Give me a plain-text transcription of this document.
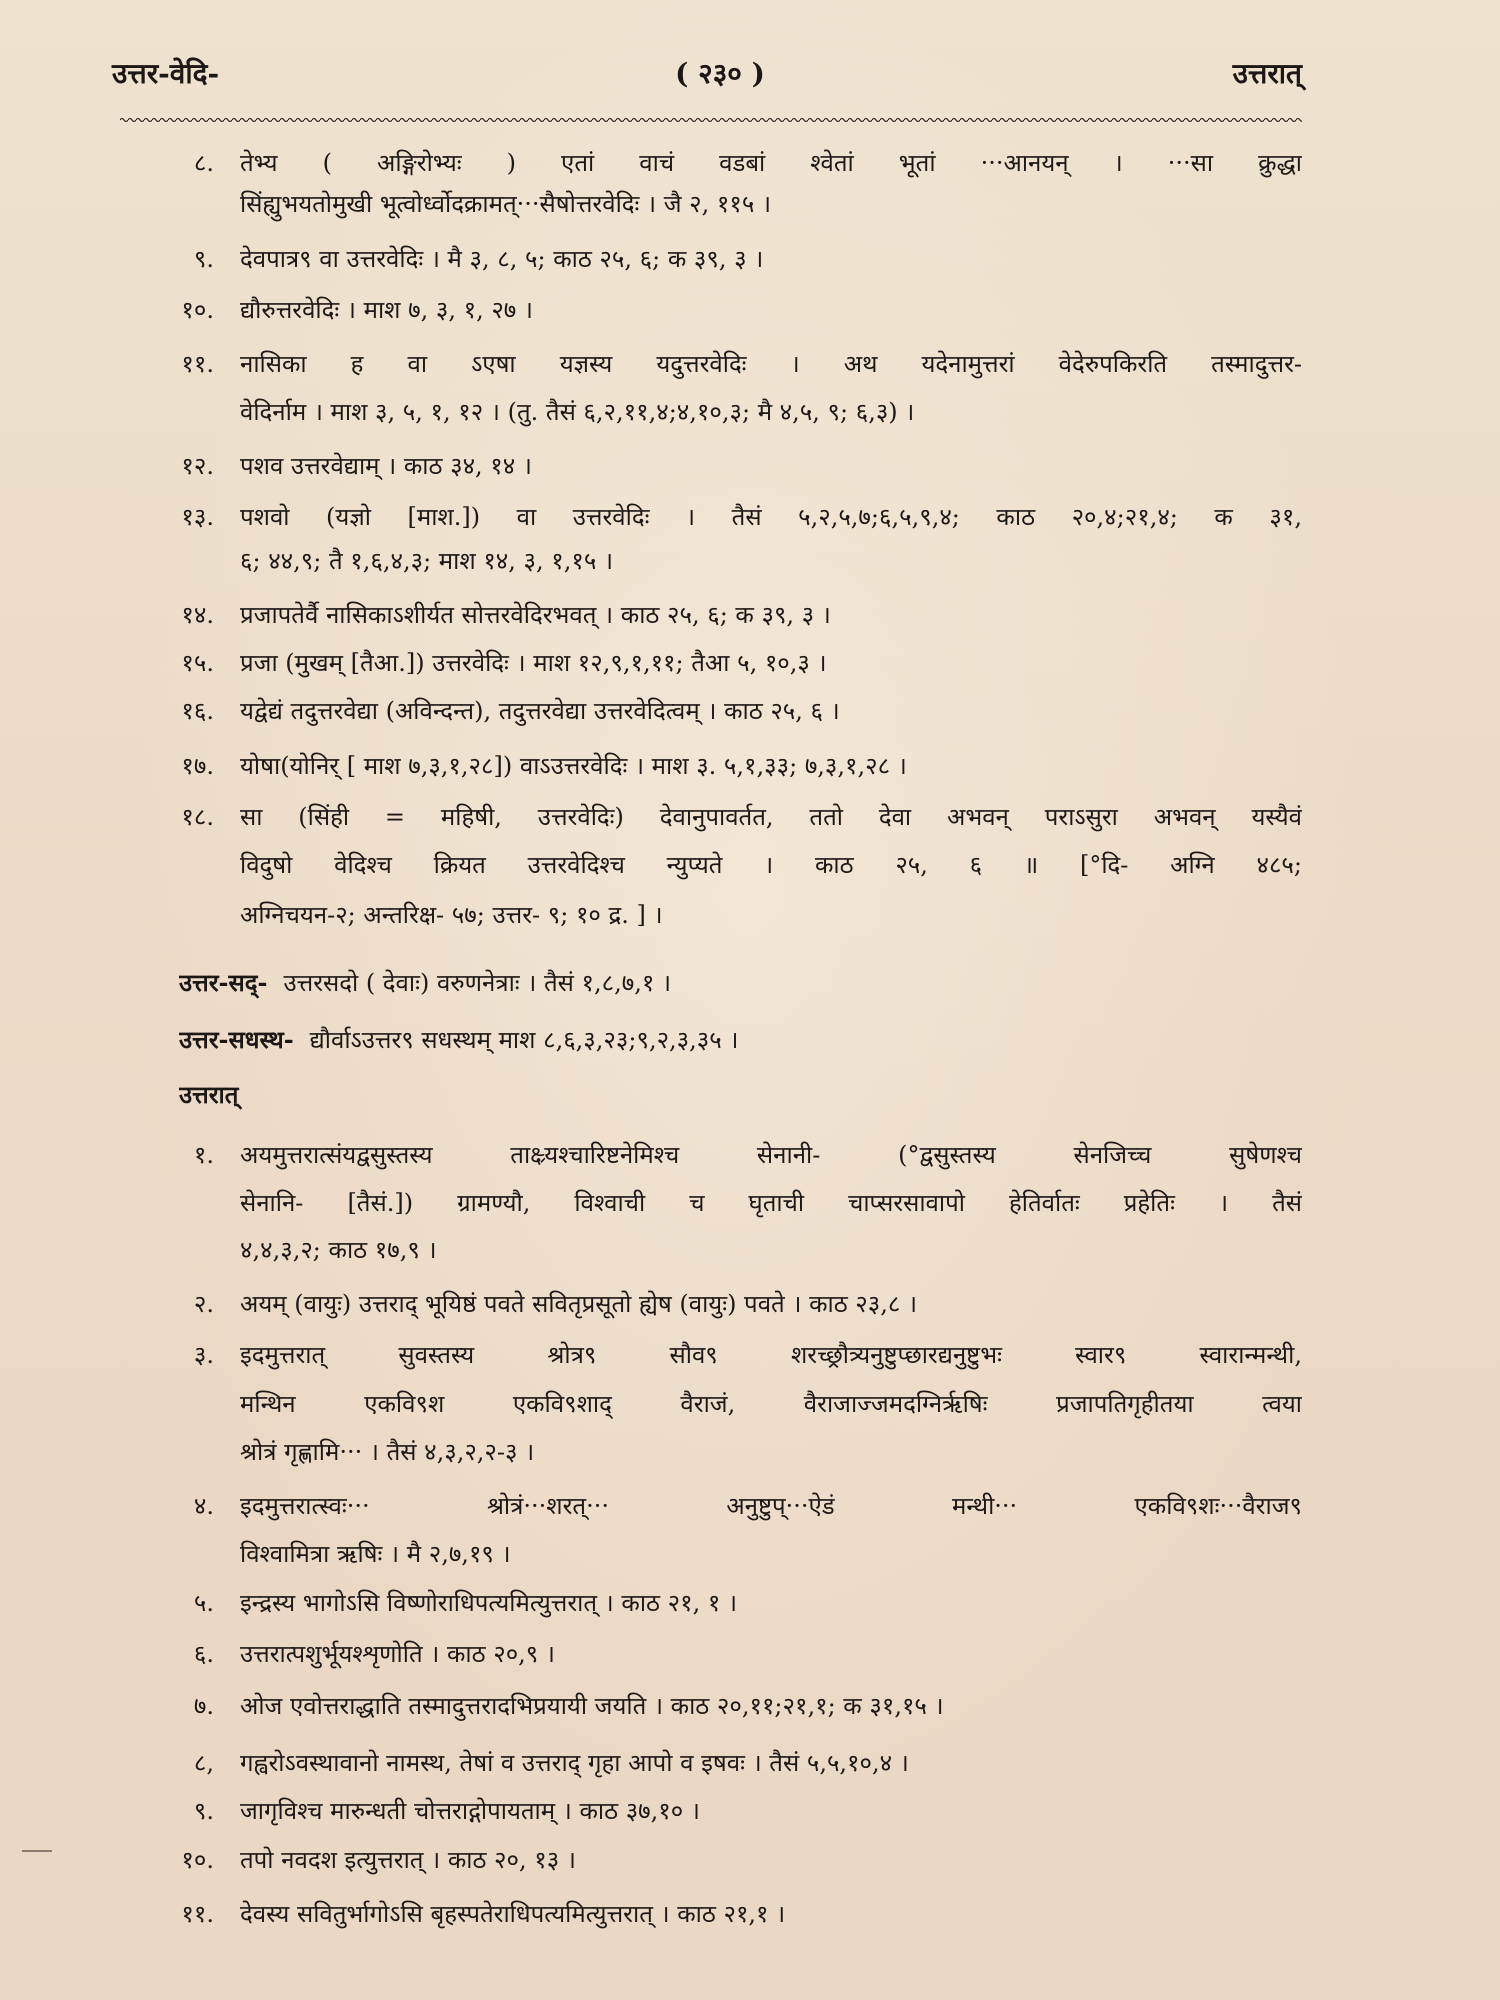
उत्तर-वेदि-	( २३० )	उत्तरात्
८. तेभ्य ( अङ्गिरोभ्यः ) एतां वाचं वडबां श्वेतां भूतां ···आनयन् । ···सा क्रुद्धा
सिंह्युभयतोमुखी भूत्वोर्ध्वोदक्रामत्···सैषोत्तरवेदिः । जै २, ११५ ।
९. देवपात्र९ वा उत्तरवेदिः । मै ३, ८, ५; काठ २५, ६; क ३९, ३ ।
१०. द्यौरुत्तरवेदिः । माश ७, ३, १, २७ ।
११. नासिका ह वा ऽएषा यज्ञस्य यदुत्तरवेदिः । अथ यदेनामुत्तरां वेदेरुपकिरति तस्मादुत्तर-
वेदिर्नाम । माश ३, ५, १, १२ । (तु. तैसं ६,२,११,४;४,१०,३; मै ४,५, ९; ६,३) ।
१२. पशव उत्तरवेद्याम् । काठ ३४, १४ ।
१३. पशवो (यज्ञो [माश.]) वा उत्तरवेदिः । तैसं ५,२,५,७;६,५,९,४; काठ २०,४;२१,४; क ३१,
६; ४४,९; तै १,६,४,३; माश १४, ३, १,१५ ।
१४. प्रजापतेर्वै नासिकाऽशीर्यत सोत्तरवेदिरभवत् । काठ २५, ६; क ३९, ३ ।
१५. प्रजा (मुखम् [तैआ.]) उत्तरवेदिः । माश १२,९,१,११; तैआ ५, १०,३ ।
१६. यद्वेद्यं तदुत्तरवेद्या (अविन्दन्त), तदुत्तरवेद्या उत्तरवेदित्वम् । काठ २५, ६ ।
१७. योषा(योनिर् [ माश ७,३,१,२८]) वाऽउत्तरवेदिः । माश ३. ५,१,३३; ७,३,१,२८ ।
१८. सा (सिंही = महिषी, उत्तरवेदिः) देवानुपावर्तत, ततो देवा अभवन् पराऽसुरा अभवन् यस्यैवं
विदुषो वेदिश्च क्रियत उत्तरवेदिश्च न्युप्यते । काठ २५, ६ ॥ [°दि- अग्नि ४८५;
अग्निचयन-२; अन्तरिक्ष- ५७; उत्तर- ९; १० द्र. ] ।
उत्तर-सद्- उत्तरसदो ( देवाः) वरुणनेत्राः । तैसं १,८,७,१ ।
उत्तर-सधस्थ- द्यौर्वाऽउत्तर९ सधस्थम् माश ८,६,३,२३;९,२,३,३५ ।
उत्तरात्
१. अयमुत्तरात्संयद्वसुस्तस्य ताक्ष्र्यश्चारिष्टनेमिश्च सेनानी- (°द्वसुस्तस्य सेनजिच्च सुषेणश्च
सेनानि- [तैसं.]) ग्रामण्यौ, विश्वाची च घृताची चाप्सरसावापो हेतिर्वातः प्रहेतिः । तैसं
४,४,३,२; काठ १७,९ ।
२. अयम् (वायुः) उत्तराद् भूयिष्ठं पवते सवितृप्रसूतो ह्येष (वायुः) पवते । काठ २३,८ ।
३. इदमुत्तरात् सुवस्तस्य श्रोत्र९ सौव९ शरच्छ्रौत्र्यनुष्टुप्छारद्यनुष्टुभः स्वार९ स्वारान्मन्थी,
मन्थिन एकवि९श एकवि९शाद् वैराजं, वैराजाज्जमदग्निर्ऋषिः प्रजापतिगृहीतया त्वया
श्रोत्रं गृह्णामि··· । तैसं ४,३,२,२-३ ।
४. इदमुत्तरात्स्वः··· श्रोत्रं···शरत्··· अनुष्टुप्···ऐडं मन्थी··· एकवि९शः···वैराज९
विश्वामित्रा ऋषिः । मै २,७,१९ ।
५. इन्द्रस्य भागोऽसि विष्णोराधिपत्यमित्युत्तरात् । काठ २१, १ ।
६. उत्तरात्पशुर्भूयश्शृणोति । काठ २०,९ ।
७. ओज एवोत्तराद्धाति तस्मादुत्तरादभिप्रयायी जयति । काठ २०,११;२१,१; क ३१,१५ ।
८, गह्वरोऽवस्थावानो नामस्थ, तेषां व उत्तराद् गृहा आपो व इषवः । तैसं ५,५,१०,४ ।
९. जागृविश्च मारुन्धती चोत्तराद्गोपायताम् । काठ ३७,१० ।
१०. तपो नवदश इत्युत्तरात् । काठ २०, १३ ।
११. देवस्य सवितुर्भागोऽसि बृहस्पतेराधिपत्यमित्युत्तरात् । काठ २१,१ ।
